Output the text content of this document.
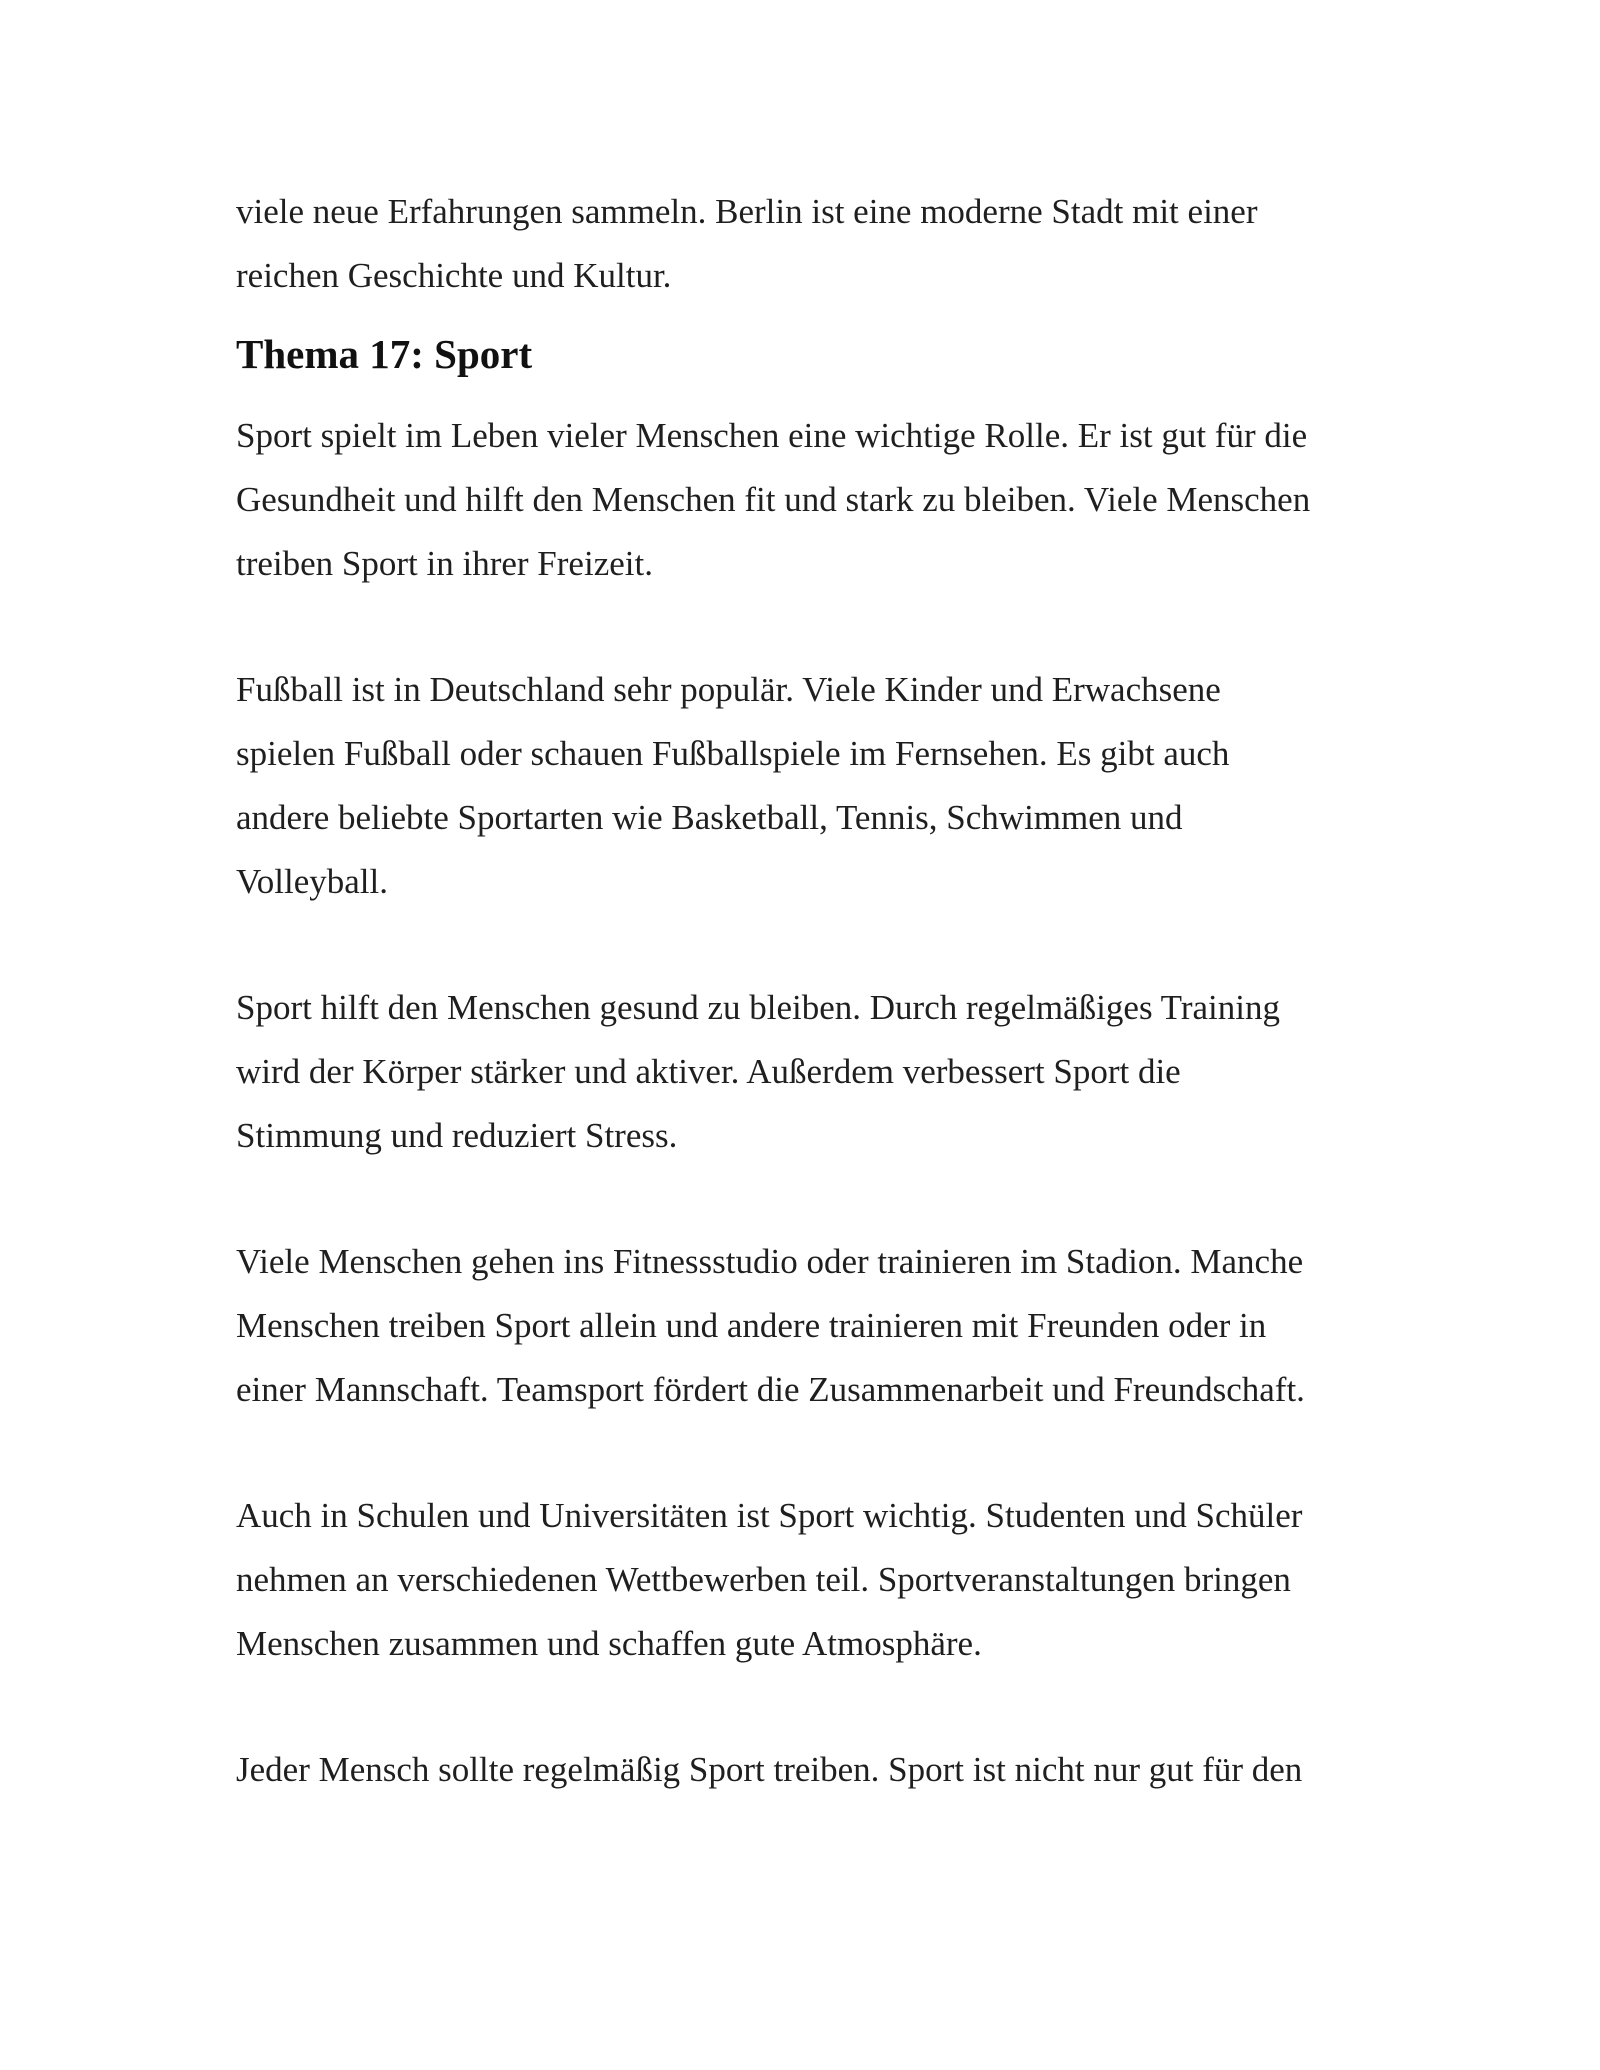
viele neue Erfahrungen sammeln. Berlin ist eine moderne Stadt mit einer
reichen Geschichte und Kultur.

Thema 17: Sport

Sport spielt im Leben vieler Menschen eine wichtige Rolle. Er ist gut für die
Gesundheit und hilft den Menschen fit und stark zu bleiben. Viele Menschen
treiben Sport in ihrer Freizeit.

Fußball ist in Deutschland sehr populär. Viele Kinder und Erwachsene
spielen Fußball oder schauen Fußballspiele im Fernsehen. Es gibt auch
andere beliebte Sportarten wie Basketball, Tennis, Schwimmen und
Volleyball.

Sport hilft den Menschen gesund zu bleiben. Durch regelmäßiges Training
wird der Körper stärker und aktiver. Außerdem verbessert Sport die
Stimmung und reduziert Stress.

Viele Menschen gehen ins Fitnessstudio oder trainieren im Stadion. Manche
Menschen treiben Sport allein und andere trainieren mit Freunden oder in
einer Mannschaft. Teamsport fördert die Zusammenarbeit und Freundschaft.

Auch in Schulen und Universitäten ist Sport wichtig. Studenten und Schüler
nehmen an verschiedenen Wettbewerben teil. Sportveranstaltungen bringen
Menschen zusammen und schaffen gute Atmosphäre.

Jeder Mensch sollte regelmäßig Sport treiben. Sport ist nicht nur gut für den
